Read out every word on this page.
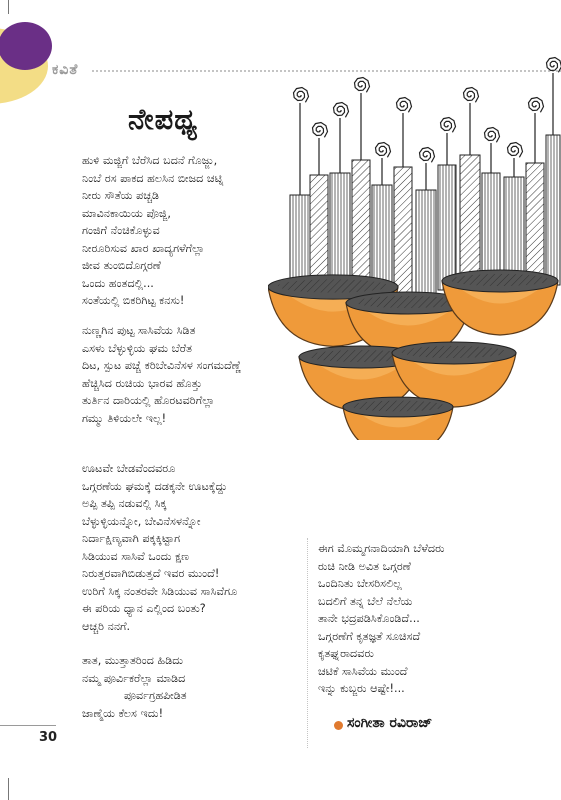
ಕವಿತೆ
ನೇಪಥ್ಯ
ಹುಳಿ ಮಜ್ಜಿಗೆ ಬೆರೆಸಿದ ಬದನೆ ಗೊಜ್ಜು,
ನಿಂಬೆ ರಸ ಪಾಕದ ಹಲಸಿನ ಬೀಜದ ಚಟ್ನಿ
ನೀರು ಸೌತೆಯ ಪಚ್ಚಡಿ
ಮಾವಿನಕಾಯಿಯ ಪೊಜ್ಜಿ,
ಗಂಜಿಗೆ ನೆಂಚಿಕೊಳ್ಳುವ
ನೀರೂರಿಸುವ ಖಾರ ಖಾದ್ಯಗಳೆಗೆಲ್ಲಾ
ಜೀವ ತುಂಬಿದೊಗ್ಗರಣೆ
ಒಂದು ಹಂತದಲ್ಲಿ...
ಸಂತೆಯಲ್ಲಿ ಬಿಕರಿಗಿಟ್ಟ ಕನಸು!
ನುಣ್ಣಗಿನ ಪುಟ್ಟ ಸಾಸಿವೆಯ ಸಿಡಿತ
ಎಸಳು ಬೆಳ್ಳುಳ್ಳಿಯ ಘಮ ಬೆರೆತ
ದಿಟ, ಸ್ಪುಟ ಪಚ್ಚೆ ಕರಿಬೇವಿನೆಸಳ ಸಂಗಮದೆಣ್ಣೆ
ಹೆಚ್ಚಿಸಿದ ರುಚಿಯ ಭಾರವ ಹೊತ್ತು
ತುರ್ತಿನ ದಾರಿಯಲ್ಲಿ ಹೊರಟವರಿಗೆಲ್ಲಾ
ಗಮ್ಮು ತಿಳಿಯಲೇ ಇಲ್ಲ!
ಊಟವೇ ಬೇಡವೆಂದವರೂ
ಒಗ್ಗರಣೆಯ ಘಮಕ್ಕೆ ದಡಕ್ಕನೇ ಊಟಕ್ಕೆದ್ದು
ಅಪ್ಪಿ ತಪ್ಪಿ ನಡುವಲ್ಲಿ ಸಿಕ್ಕ
ಬೆಳ್ಳುಳ್ಳಿಯನ್ನೋ, ಬೇವಿನೆಸಳನ್ನೋ
ನಿರ್ದಾಕ್ಷಿಣ್ಯವಾಗಿ ಪಕ್ಕಕ್ಕಿಟ್ಟಾಗ
ಸಿಡಿಯುವ ಸಾಸಿವೆ ಒಂದು ಕ್ಷಣ
ನಿರುತ್ತರವಾಗಿಬಿಡುತ್ತದೆ ಇವರ ಮುಂದೆ!
ಉರಿಗೆ ಸಿಕ್ಕ ನಂತರವೇ ಸಿಡಿಯುವ ಸಾಸಿವೆಗೂ
ಈ ಪರಿಯ ಧ್ಯಾನ ಎಲ್ಲಿಂದ ಬಂತು?
ಆಚ್ಚರಿ ನನಗೆ.
ತಾತ, ಮುತ್ತಾತರಿಂದ ಹಿಡಿದು
ನಮ್ಮ ಪೂರ್ವಿಕರೆಲ್ಲಾ ಮಾಡಿದ
ಪೂರ್ವಗ್ರಹಪೀಡಿತ
ಜಾಣ್ಮೆಯ ಕೆಲಸ ಇದು!
ಈಗ ಮೊಮ್ಮಗನಾದಿಯಾಗಿ ಬೆಳೆದರು
ರುಚಿ ನೀಡಿ ಅವಿತ ಒಗ್ಗರಣೆ
ಒಂದಿನಿತು ಬೇಸರಿಸಲಿಲ್ಲ
ಬದಲಿಗೆ ತನ್ನ ಬೆಲೆ ನೆಲೆಯ
ತಾನೇ ಭದ್ರಪಡಿಸಿಕೊಂಡಿದೆ...
ಒಗ್ಗರಣೆಗೆ ಕೃತಜ್ಞತೆ ಸೂಚಿಸದೆ
ಕೃತಘ್ನರಾದವರು
ಚಟಿಕೆ ಸಾಸಿವೆಯ ಮುಂದೆ
ಇನ್ನು ಕುಬ್ಜರು ಆಷ್ಟೇ!...
ಸಂಗೀತಾ ರವಿರಾಜ್
30
